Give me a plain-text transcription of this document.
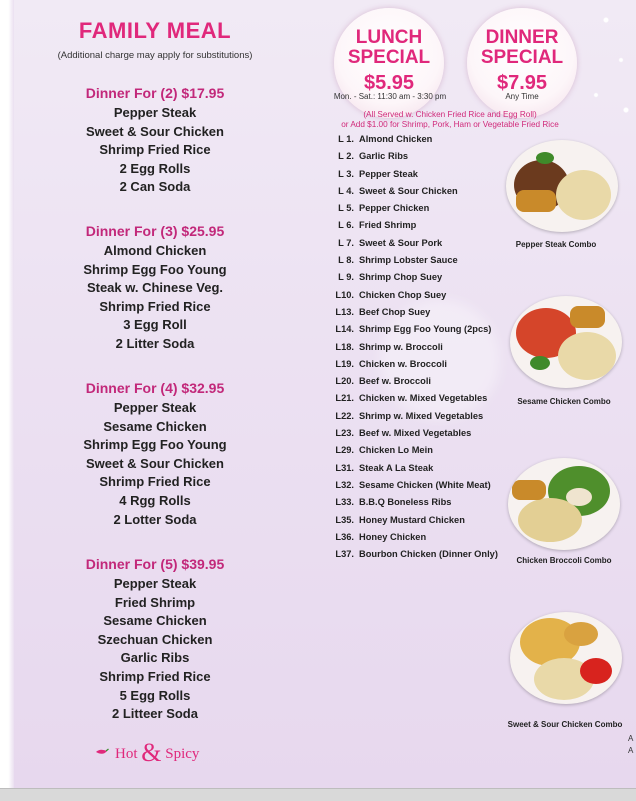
FAMILY MEAL
(Additional charge may apply for substitutions)
Dinner For (2) $17.95
Pepper Steak
Sweet & Sour Chicken
Shrimp Fried Rice
2 Egg Rolls
2 Can Soda
Dinner For (3) $25.95
Almond Chicken
Shrimp Egg Foo Young
Steak w. Chinese Veg.
Shrimp Fried Rice
3 Egg Roll
2 Litter Soda
Dinner For (4) $32.95
Pepper Steak
Sesame Chicken
Shrimp Egg Foo Young
Sweet & Sour Chicken
Shrimp Fried Rice
4 Rgg Rolls
2 Lotter Soda
Dinner For (5) $39.95
Pepper Steak
Fried Shrimp
Sesame Chicken
Szechuan Chicken
Garlic Ribs
Shrimp Fried Rice
5 Egg Rolls
2 Litteer Soda
Hot & Spicy
LUNCH
SPECIAL
$5.95
Mon. - Sat.: 11:30 am - 3:30 pm
DINNER
SPECIAL
$7.95
Any Time
(All Served w. Chicken Fried Rice and Egg Roll)
or Add $1.00 for Shrimp, Pork, Ham or Vegetable Fried Rice
L 1. Almond Chicken
L 2. Garlic Ribs
L 3. Pepper Steak
L 4. Sweet & Sour Chicken
L 5. Pepper Chicken
L 6. Fried Shrimp
L 7. Sweet & Sour Pork
L 8. Shrimp Lobster Sauce
L 9. Shrimp Chop Suey
L10. Chicken Chop Suey
L13. Beef Chop Suey
L14. Shrimp Egg Foo Young (2pcs)
L18. Shrimp w. Broccoli
L19. Chicken w. Broccoli
L20. Beef w. Broccoli
L21. Chicken w. Mixed Vegetables
L22. Shrimp w. Mixed Vegetables
L23. Beef w. Mixed Vegetables
L29. Chicken Lo Mein
L31. Steak A La Steak
L32. Sesame Chicken (White Meat)
L33. B.B.Q Boneless Ribs
L35. Honey Mustard Chicken
L36. Honey Chicken
L37. Bourbon Chicken (Dinner Only)
Pepper Steak Combo
Sesame Chicken Combo
Chicken Broccoli Combo
Sweet & Sour Chicken Combo
A
A
